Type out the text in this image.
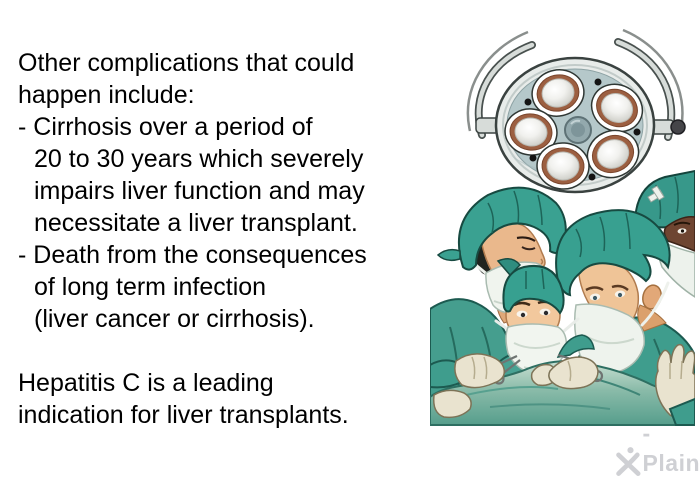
Other complications that could
happen include:
- Cirrhosis over a period of
20 to 30 years which severely
impairs liver function and may
necessitate a liver transplant.
- Death from the consequences
of long term infection
(liver cancer or cirrhosis).
Hepatitis C is a leading
indication for liver transplants.
-Plain
